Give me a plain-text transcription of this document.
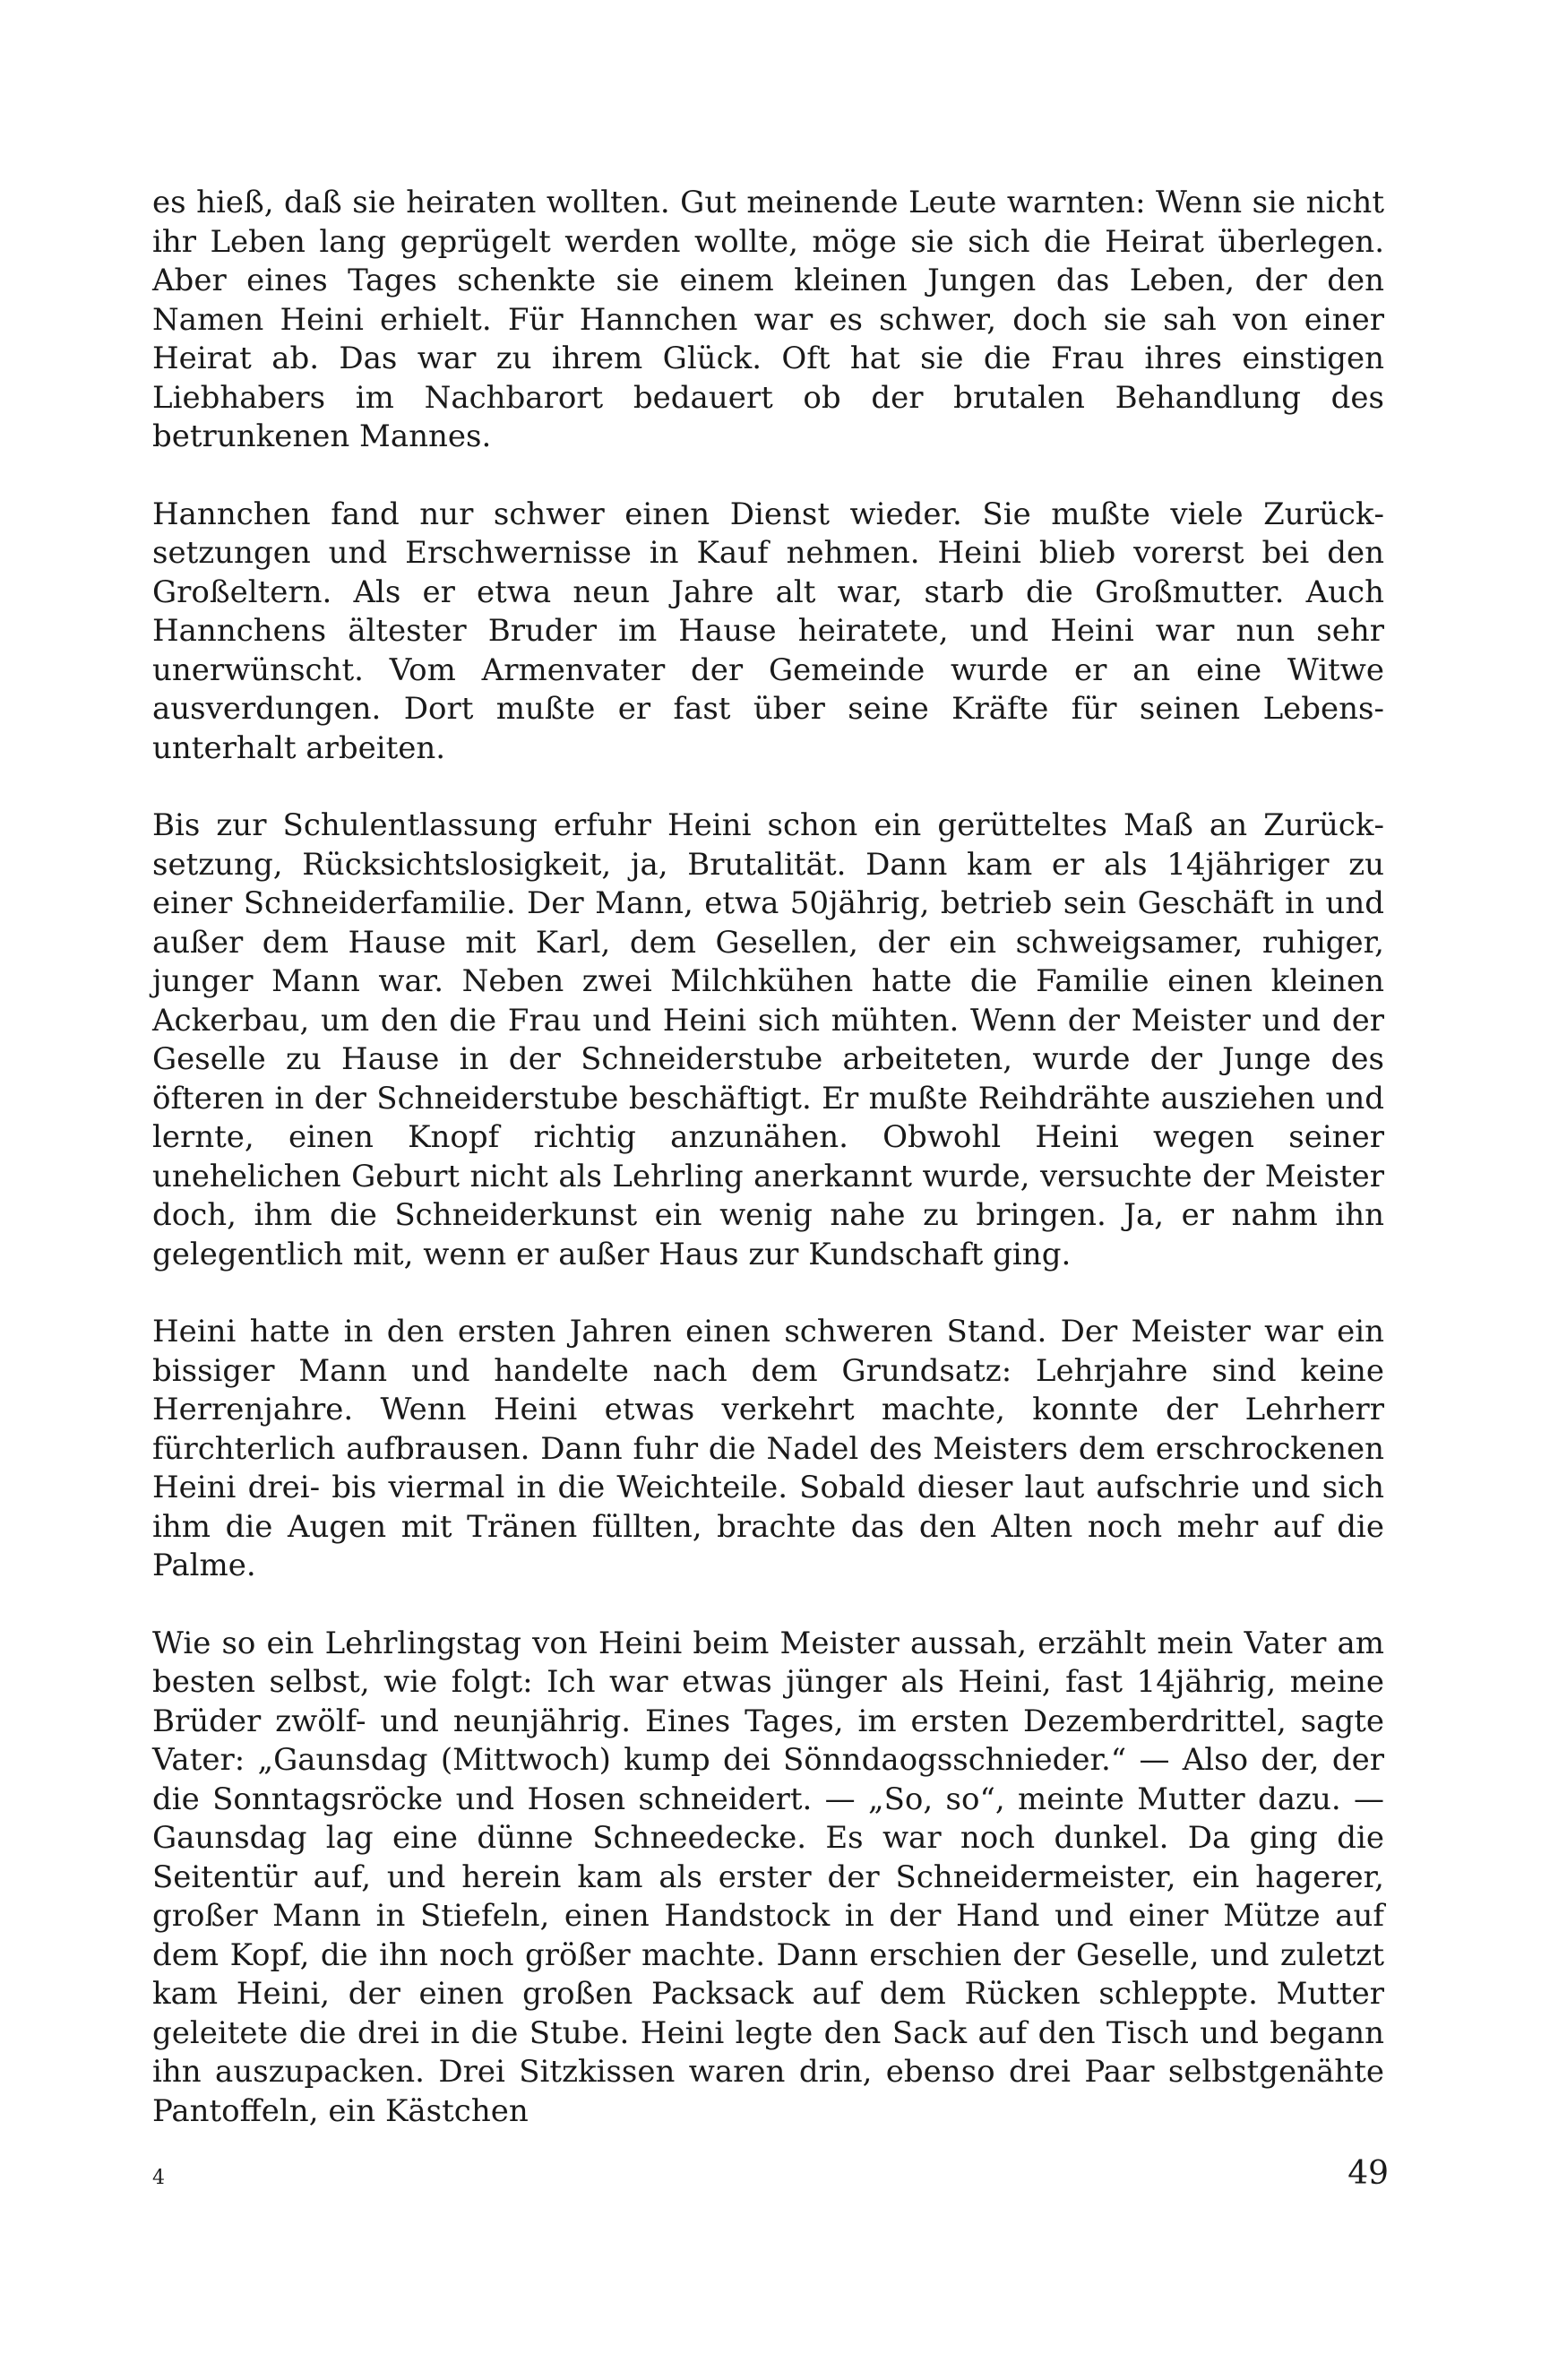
es hieß, daß sie heiraten wollten. Gut meinende Leute warnten: Wenn sie nicht ihr Leben lang geprügelt werden wollte, möge sie sich die Heirat überlegen. Aber eines Tages schenkte sie einem kleinen Jungen das Leben, der den Namen Heini erhielt. Für Hannchen war es schwer, doch sie sah von einer Heirat ab. Das war zu ihrem Glück. Oft hat sie die Frau ihres einstigen Liebhabers im Nachbarort bedauert ob der brutalen Behandlung des betrunkenen Mannes.

Hannchen fand nur schwer einen Dienst wieder. Sie mußte viele Zurücksetzungen und Erschwernisse in Kauf nehmen. Heini blieb vorerst bei den Großeltern. Als er etwa neun Jahre alt war, starb die Großmutter. Auch Hannchens ältester Bruder im Hause heiratete, und Heini war nun sehr unerwünscht. Vom Armenvater der Gemeinde wurde er an eine Witwe ausverdungen. Dort mußte er fast über seine Kräfte für seinen Lebensunterhalt arbeiten.

Bis zur Schulentlassung erfuhr Heini schon ein gerütteltes Maß an Zurücksetzung, Rücksichtslosigkeit, ja, Brutalität. Dann kam er als 14jähriger zu einer Schneiderfamilie. Der Mann, etwa 50jährig, betrieb sein Geschäft in und außer dem Hause mit Karl, dem Gesellen, der ein schweigsamer, ruhiger, junger Mann war. Neben zwei Milchkühen hatte die Familie einen kleinen Ackerbau, um den die Frau und Heini sich mühten. Wenn der Meister und der Geselle zu Hause in der Schneiderstube arbeiteten, wurde der Junge des öfteren in der Schneiderstube beschäftigt. Er mußte Reihdrähte ausziehen und lernte, einen Knopf richtig anzunähen. Obwohl Heini wegen seiner unehelichen Geburt nicht als Lehrling anerkannt wurde, versuchte der Meister doch, ihm die Schneiderkunst ein wenig nahe zu bringen. Ja, er nahm ihn gelegentlich mit, wenn er außer Haus zur Kundschaft ging.

Heini hatte in den ersten Jahren einen schweren Stand. Der Meister war ein bissiger Mann und handelte nach dem Grundsatz: Lehrjahre sind keine Herrenjahre. Wenn Heini etwas verkehrt machte, konnte der Lehrherr fürchterlich aufbrausen. Dann fuhr die Nadel des Meisters dem erschrockenen Heini drei- bis viermal in die Weichteile. Sobald dieser laut aufschrie und sich ihm die Augen mit Tränen füllten, brachte das den Alten noch mehr auf die Palme.

Wie so ein Lehrlingstag von Heini beim Meister aussah, erzählt mein Vater am besten selbst, wie folgt: Ich war etwas jünger als Heini, fast 14jährig, meine Brüder zwölf- und neunjährig. Eines Tages, im ersten Dezemberdrittel, sagte Vater: „Gaunsdag (Mittwoch) kump dei Sönndaogsschnieder.“ — Also der, der die Sonntagsröcke und Hosen schneidert. — „So, so“, meinte Mutter dazu. — Gaunsdag lag eine dünne Schneedecke. Es war noch dunkel. Da ging die Seitentür auf, und herein kam als erster der Schneidermeister, ein hagerer, großer Mann in Stiefeln, einen Handstock in der Hand und einer Mütze auf dem Kopf, die ihn noch größer machte. Dann erschien der Geselle, und zuletzt kam Heini, der einen großen Packsack auf dem Rücken schleppte. Mutter geleitete die drei in die Stube. Heini legte den Sack auf den Tisch und begann ihn auszupacken. Drei Sitzkissen waren drin, ebenso drei Paar selbstgenähte Pantoffeln, ein Kästchen

4	49
